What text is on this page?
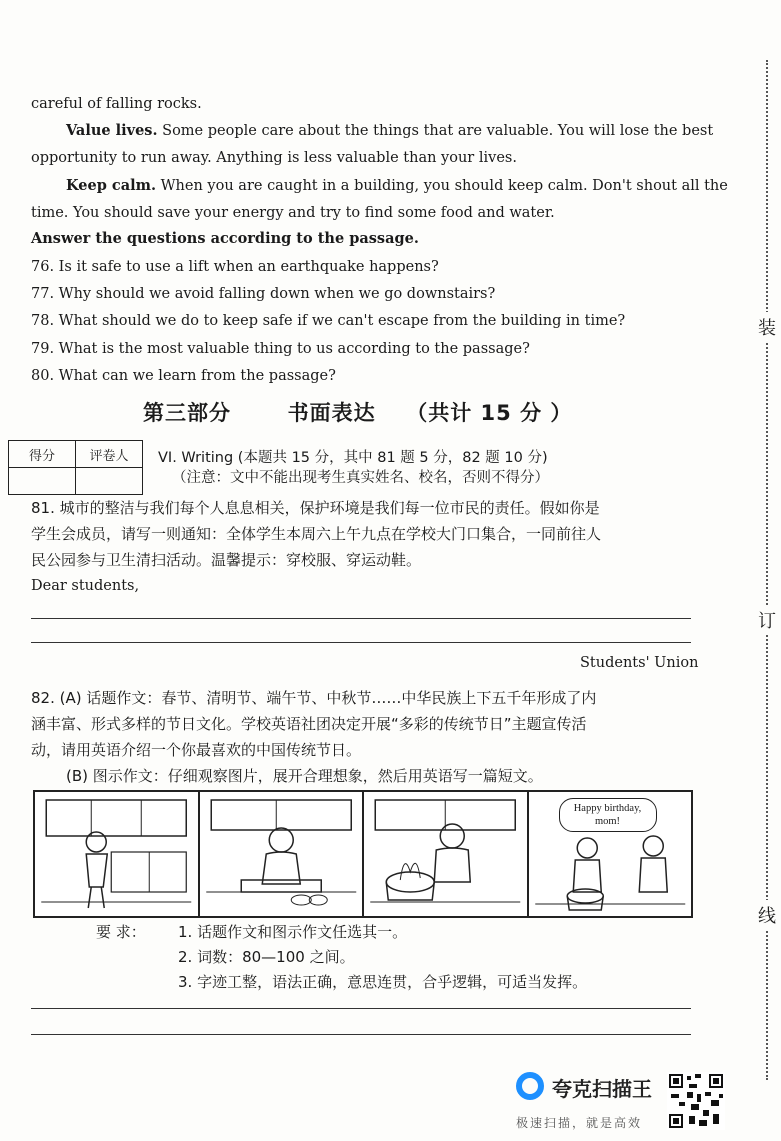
装
订
线
careful of falling rocks.
Value lives. Some people care about the things that are valuable. You will lose the best
opportunity to run away. Anything is less valuable than your lives.
Keep calm. When you are caught in a building, you should keep calm. Don't shout all the
time. You should save your energy and try to find some food and water.
Answer the questions according to the passage.
76. Is it safe to use a lift when an earthquake happens?
77. Why should we avoid falling down when we go downstairs?
78. What should we do to keep safe if we can't escape from the building in time?
79. What is the most valuable thing to us according to the passage?
80. What can we learn from the passage?
第三部分	书面表达 （共计 15 分 ）
得分	评卷人
	VI. Writing (本题共 15 分，其中 81 题 5 分，82 题 10 分)
（注意：文中不能出现考生真实姓名、校名，否则不得分）
81. 城市的整洁与我们每个人息息相关，保护环境是我们每一位市民的责任。假如你是
学生会成员，请写一则通知：全体学生本周六上午九点在学校大门口集合，一同前往人
民公园参与卫生清扫活动。温馨提示：穿校服、穿运动鞋。
Dear students,
Students' Union
82. (A) 话题作文：春节、清明节、端午节、中秋节……中华民族上下五千年形成了内
涵丰富、形式多样的节日文化。学校英语社团决定开展“多彩的传统节日”主题宣传活
动，请用英语介绍一个你最喜欢的中国传统节日。
(B) 图示作文：仔细观察图片，展开合理想象，然后用英语写一篇短文。
Happy birthday,
mom!
要 求： 1. 话题作文和图示作文任选其一。
2. 词数：80—100 之间。
3. 字迹工整，语法正确，意思连贯，合乎逻辑，可适当发挥。
夸克扫描王
极速扫描，就是高效
